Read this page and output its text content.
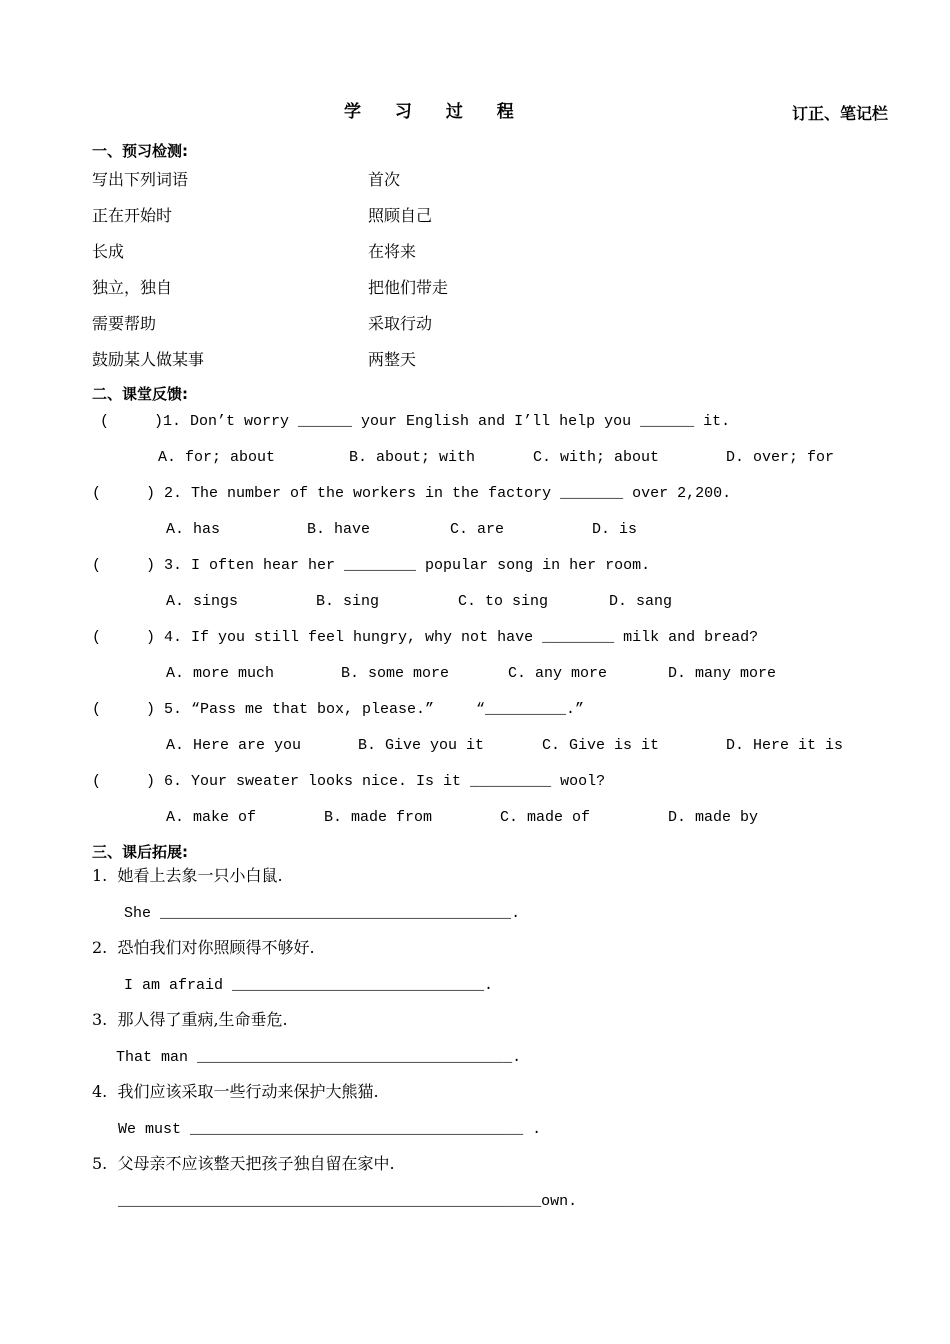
学 习 过 程	订正、笔记栏
一、预习检测:
写出下列词语	首次
正在开始时	照顾自己
长成	在将来
独立，独自	把他们带走
需要帮助	采取行动
鼓励某人做某事	两整天
二、课堂反馈:
(     )1. Don’t worry ______ your English and I’ll help you ______ it.
A. for; about	B. about; with	C. with; about	D. over; for
(     ) 2. The number of the workers in the factory _______ over 2,200.
A. has	B. have	C. are	D. is
(     ) 3. I often hear her ________ popular song in her room.
A. sings	B. sing	C. to sing	D. sang
(     ) 4. If you still feel hungry, why not have ________ milk and bread?
A. more much	B. some more	C. any more	D. many more
(     ) 5. “Pass me that box, please.”	“_________.”
A. Here are you	B. Give you it	C. Give is it	D. Here it is
(     ) 6. Your sweater looks nice. Is it _________ wool?
A. make of	B. made from	C. made of	D. made by
三、课后拓展:
1.  她看上去象一只小白鼠.
She _______________________________________.
2.  恐怕我们对你照顾得不够好.
I am afraid ____________________________.
3.  那人得了重病,生命垂危.
That man ___________________________________.
4.  我们应该采取一些行动来保护大熊猫.
We must _____________________________________ .
5.  父母亲不应该整天把孩子独自留在家中.
_______________________________________________own.
